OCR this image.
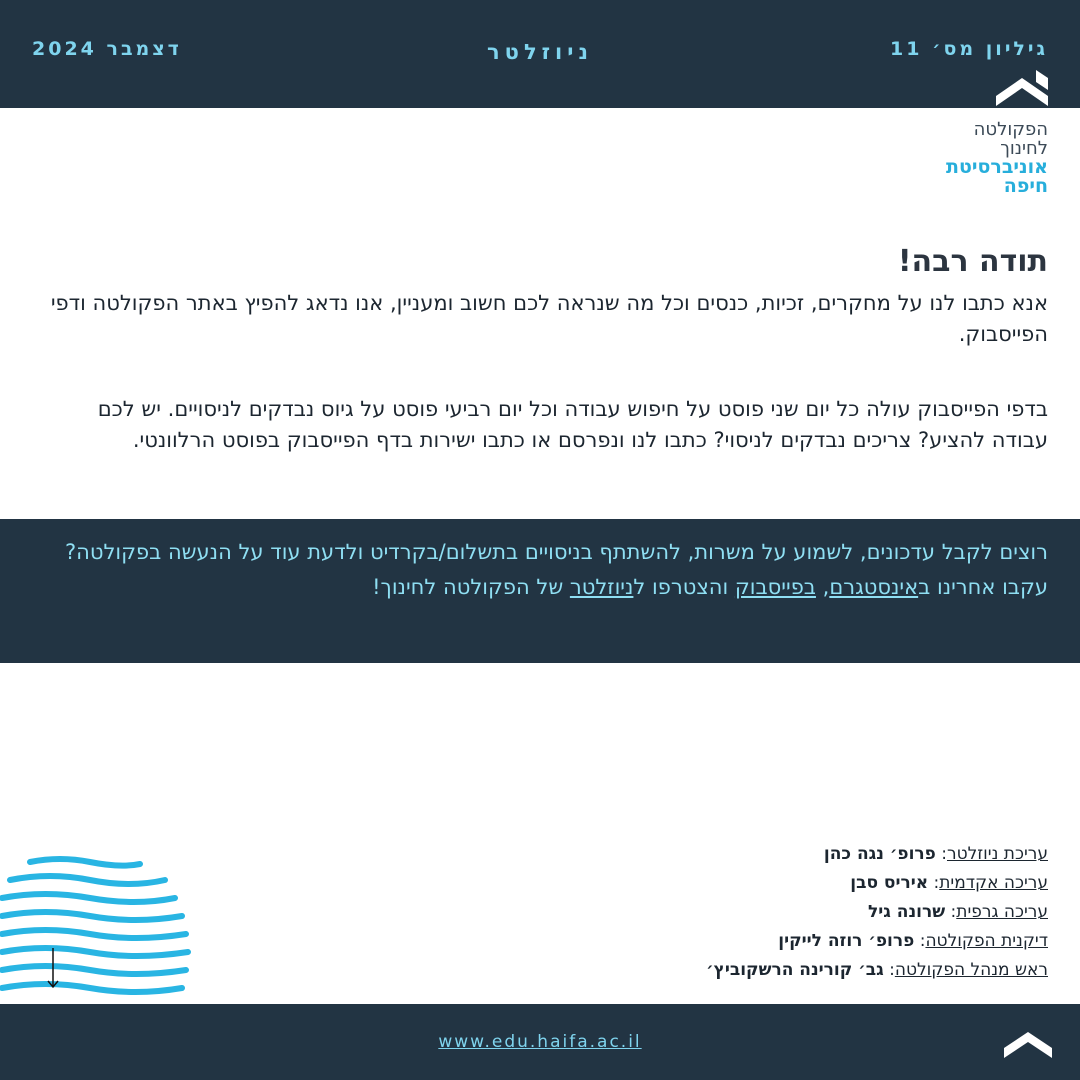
גיליון מס׳ 11
ניוזלטר
דצמבר 2024
הפקולטה
לחינוך
אוניברסיטת
חיפה
תודה רבה!
אנא כתבו לנו על מחקרים, זכיות, כנסים וכל מה שנראה לכם חשוב ומעניין, אנו נדאג להפיץ באתר הפקולטה ודפי הפייסבוק.
בדפי הפייסבוק עולה כל יום שני פוסט על חיפוש עבודה וכל יום רביעי פוסט על גיוס נבדקים לניסויים. יש לכם עבודה להציע? צריכים נבדקים לניסוי? כתבו לנו ונפרסם או כתבו ישירות בדף הפייסבוק בפוסט הרלוונטי.
רוצים לקבל עדכונים, לשמוע על משרות, להשתתף בניסויים בתשלום/בקרדיט ולדעת עוד על הנעשה בפקולטה?
עקבו אחרינו באינסטגרם, בפייסבוק והצטרפו לניוזלטר של הפקולטה לחינוך!
עריכת ניוזלטר: פרופ׳ נגה כהן
עריכה אקדמית: איריס סבן
עריכה גרפית: שרונה גיל
דיקנית הפקולטה: פרופ׳ רוזה לייקין
ראש מנהל הפקולטה: גב׳ קורינה הרשקוביץ׳
www.edu.haifa.ac.il
